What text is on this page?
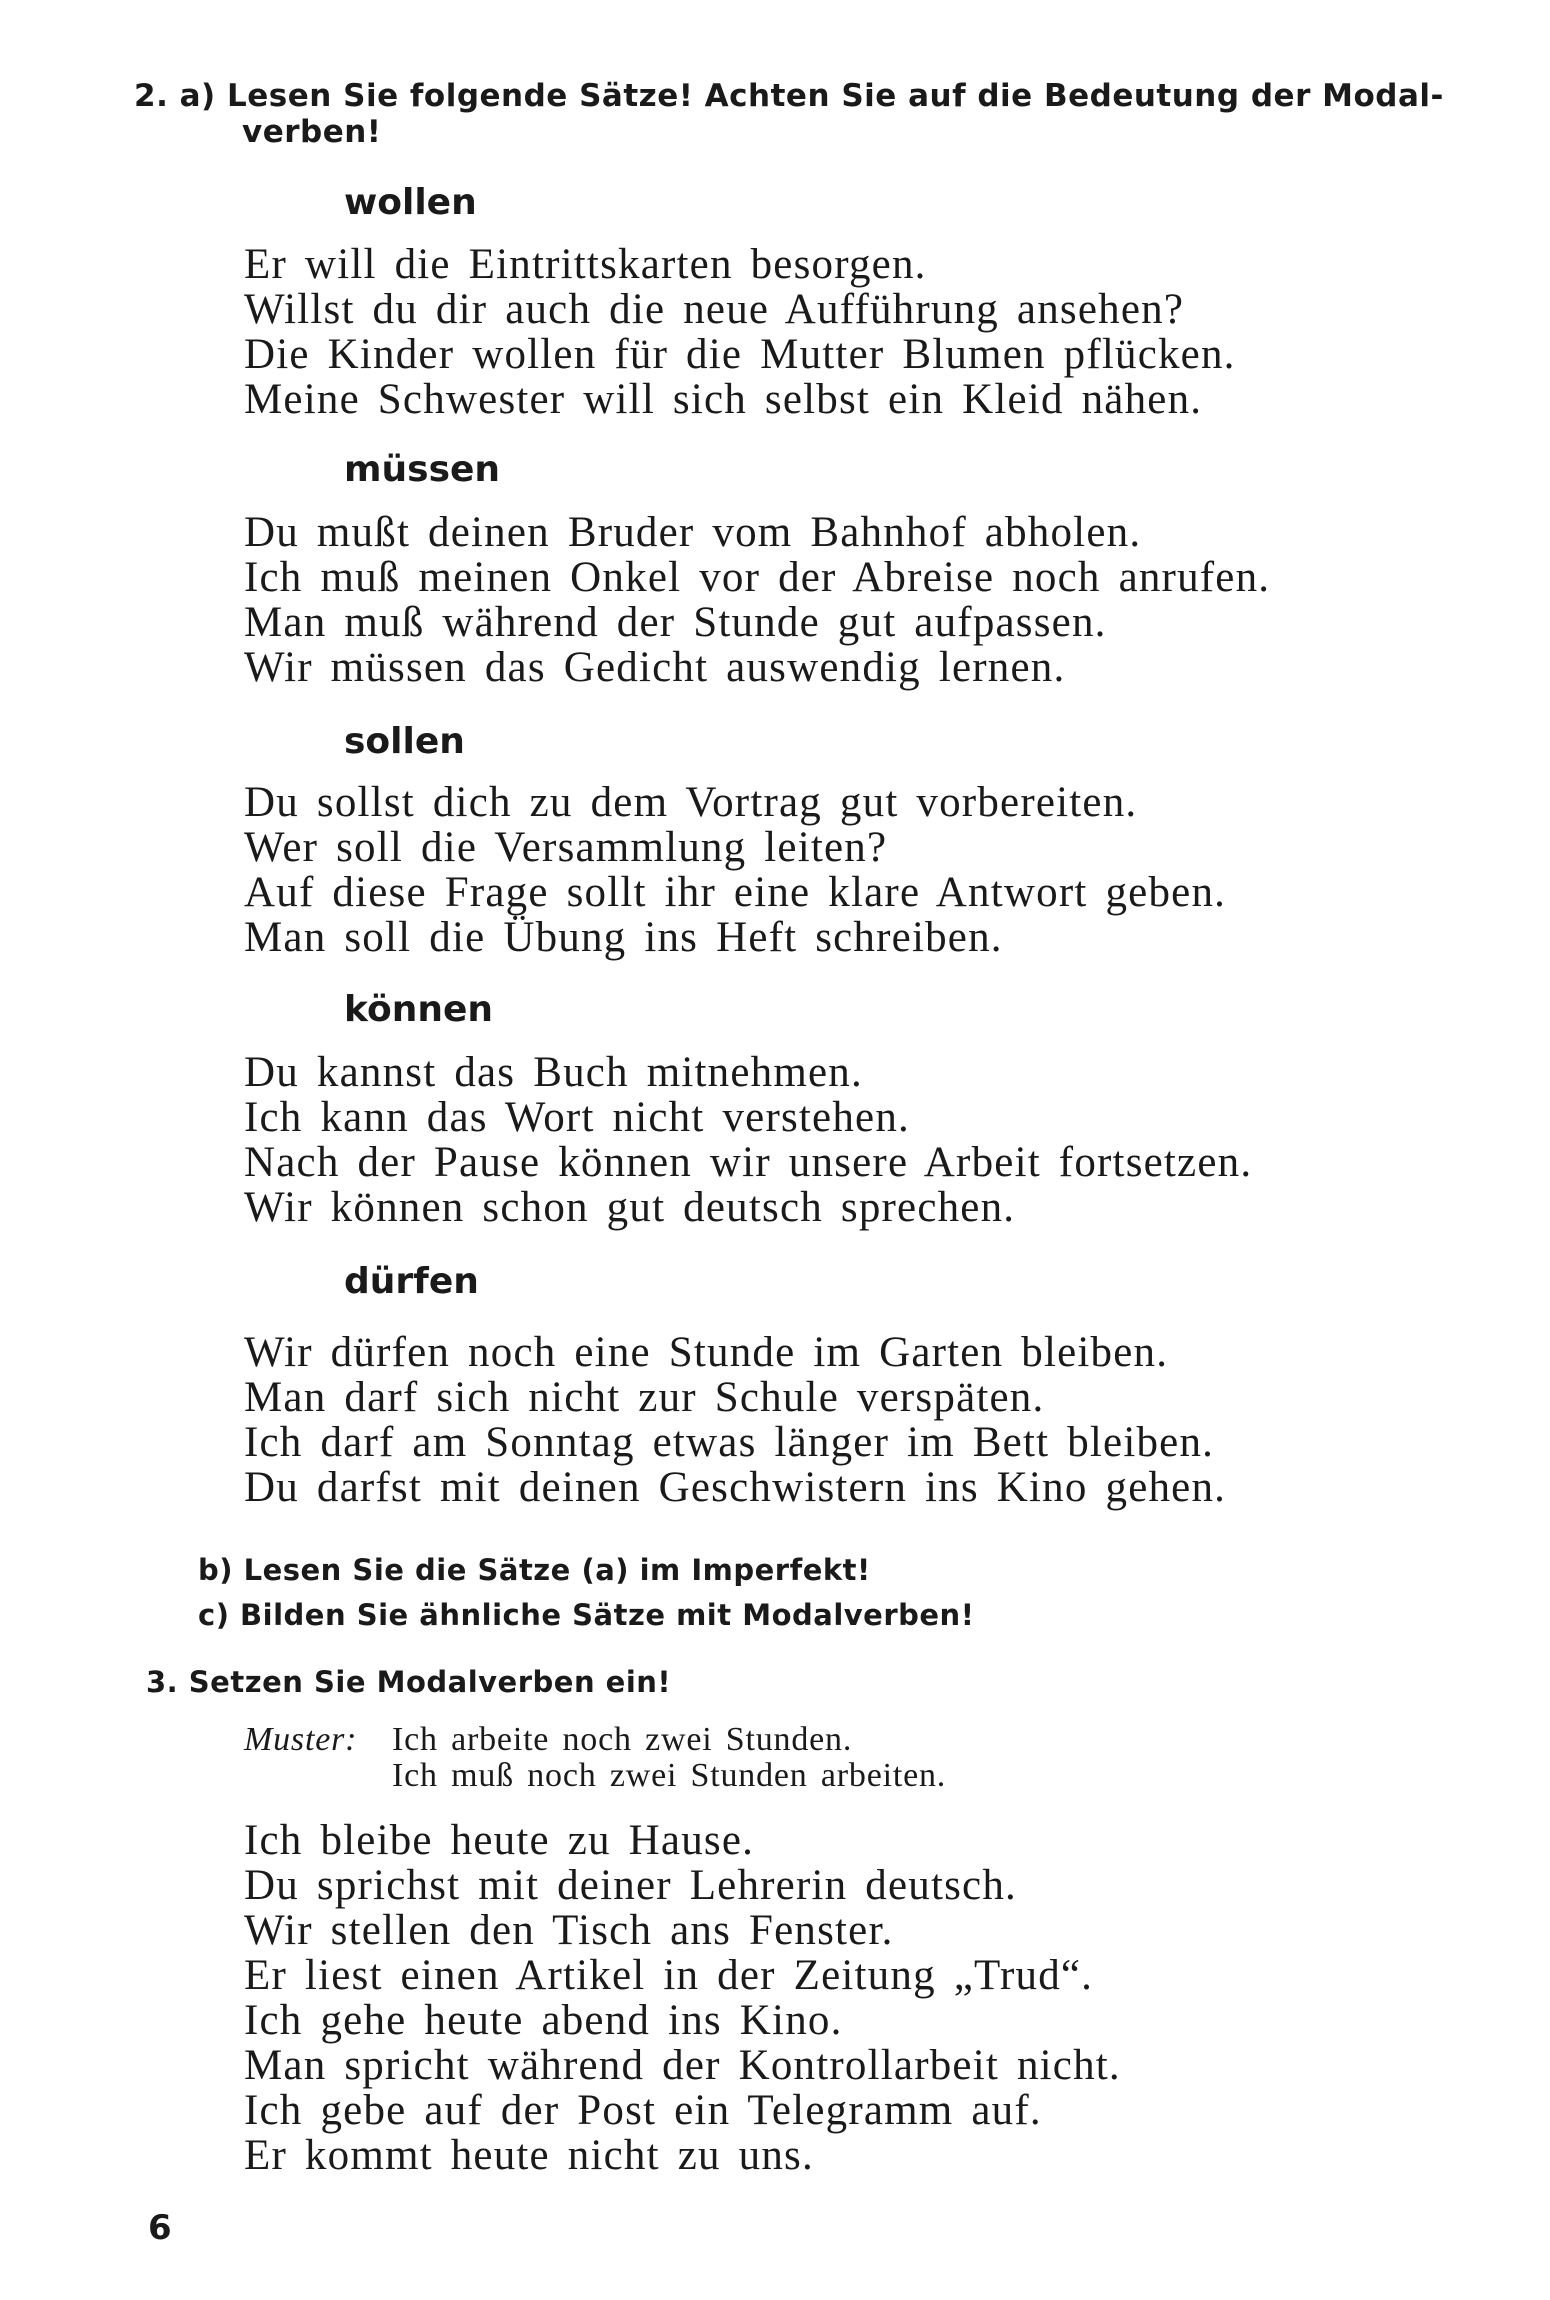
2. a) Lesen Sie folgende Sätze! Achten Sie auf die Bedeutung der Modal-
verben!
wollen
Er will die Eintrittskarten besorgen.
Willst du dir auch die neue Aufführung ansehen?
Die Kinder wollen für die Mutter Blumen pflücken.
Meine Schwester will sich selbst ein Kleid nähen.
müssen
Du mußt deinen Bruder vom Bahnhof abholen.
Ich muß meinen Onkel vor der Abreise noch anrufen.
Man muß während der Stunde gut aufpassen.
Wir müssen das Gedicht auswendig lernen.
sollen
Du sollst dich zu dem Vortrag gut vorbereiten.
Wer soll die Versammlung leiten?
Auf diese Frage sollt ihr eine klare Antwort geben.
Man soll die Übung ins Heft schreiben.
können
Du kannst das Buch mitnehmen.
Ich kann das Wort nicht verstehen.
Nach der Pause können wir unsere Arbeit fortsetzen.
Wir können schon gut deutsch sprechen.
dürfen
Wir dürfen noch eine Stunde im Garten bleiben.
Man darf sich nicht zur Schule verspäten.
Ich darf am Sonntag etwas länger im Bett bleiben.
Du darfst mit deinen Geschwistern ins Kino gehen.
b) Lesen Sie die Sätze (a) im Imperfekt!
c) Bilden Sie ähnliche Sätze mit Modalverben!
3. Setzen Sie Modalverben ein!
Muster: Ich arbeite noch zwei Stunden.
Ich muß noch zwei Stunden arbeiten.
Ich bleibe heute zu Hause.
Du sprichst mit deiner Lehrerin deutsch.
Wir stellen den Tisch ans Fenster.
Er liest einen Artikel in der Zeitung „Trud“.
Ich gehe heute abend ins Kino.
Man spricht während der Kontrollarbeit nicht.
Ich gebe auf der Post ein Telegramm auf.
Er kommt heute nicht zu uns.
6
